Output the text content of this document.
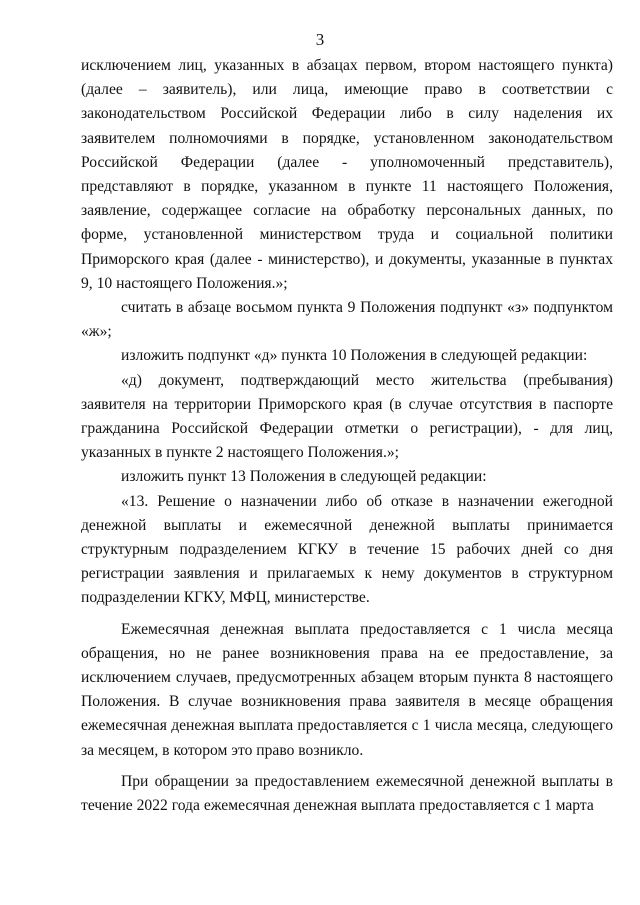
3

исключением лиц, указанных в абзацах первом, втором настоящего пункта) (далее – заявитель), или лица, имеющие право в соответствии с законодательством Российской Федерации либо в силу наделения их заявителем полномочиями в порядке, установленном законодательством Российской Федерации (далее - уполномоченный представитель), представляют в порядке, указанном в пункте 11 настоящего Положения, заявление, содержащее согласие на обработку персональных данных, по форме, установленной министерством труда и социальной политики Приморского края (далее - министерство), и документы, указанные в пунктах 9, 10 настоящего Положения.»;

считать в абзаце восьмом пункта 9 Положения подпункт «з» подпунктом «ж»;

изложить подпункт «д» пункта 10 Положения в следующей редакции:

«д) документ, подтверждающий место жительства (пребывания) заявителя на территории Приморского края (в случае отсутствия в паспорте гражданина Российской Федерации отметки о регистрации), - для лиц, указанных в пункте 2 настоящего Положения.»;

изложить пункт 13 Положения в следующей редакции:

«13. Решение о назначении либо об отказе в назначении ежегодной денежной выплаты и ежемесячной денежной выплаты принимается структурным подразделением КГКУ в течение 15 рабочих дней со дня регистрации заявления и прилагаемых к нему документов в структурном подразделении КГКУ, МФЦ, министерстве.

Ежемесячная денежная выплата предоставляется с 1 числа месяца обращения, но не ранее возникновения права на ее предоставление, за исключением случаев, предусмотренных абзацем вторым пункта 8 настоящего Положения. В случае возникновения права заявителя в месяце обращения ежемесячная денежная выплата предоставляется с 1 числа месяца, следующего за месяцем, в котором это право возникло.

При обращении за предоставлением ежемесячной денежной выплаты в течение 2022 года ежемесячная денежная выплата предоставляется с 1 марта
